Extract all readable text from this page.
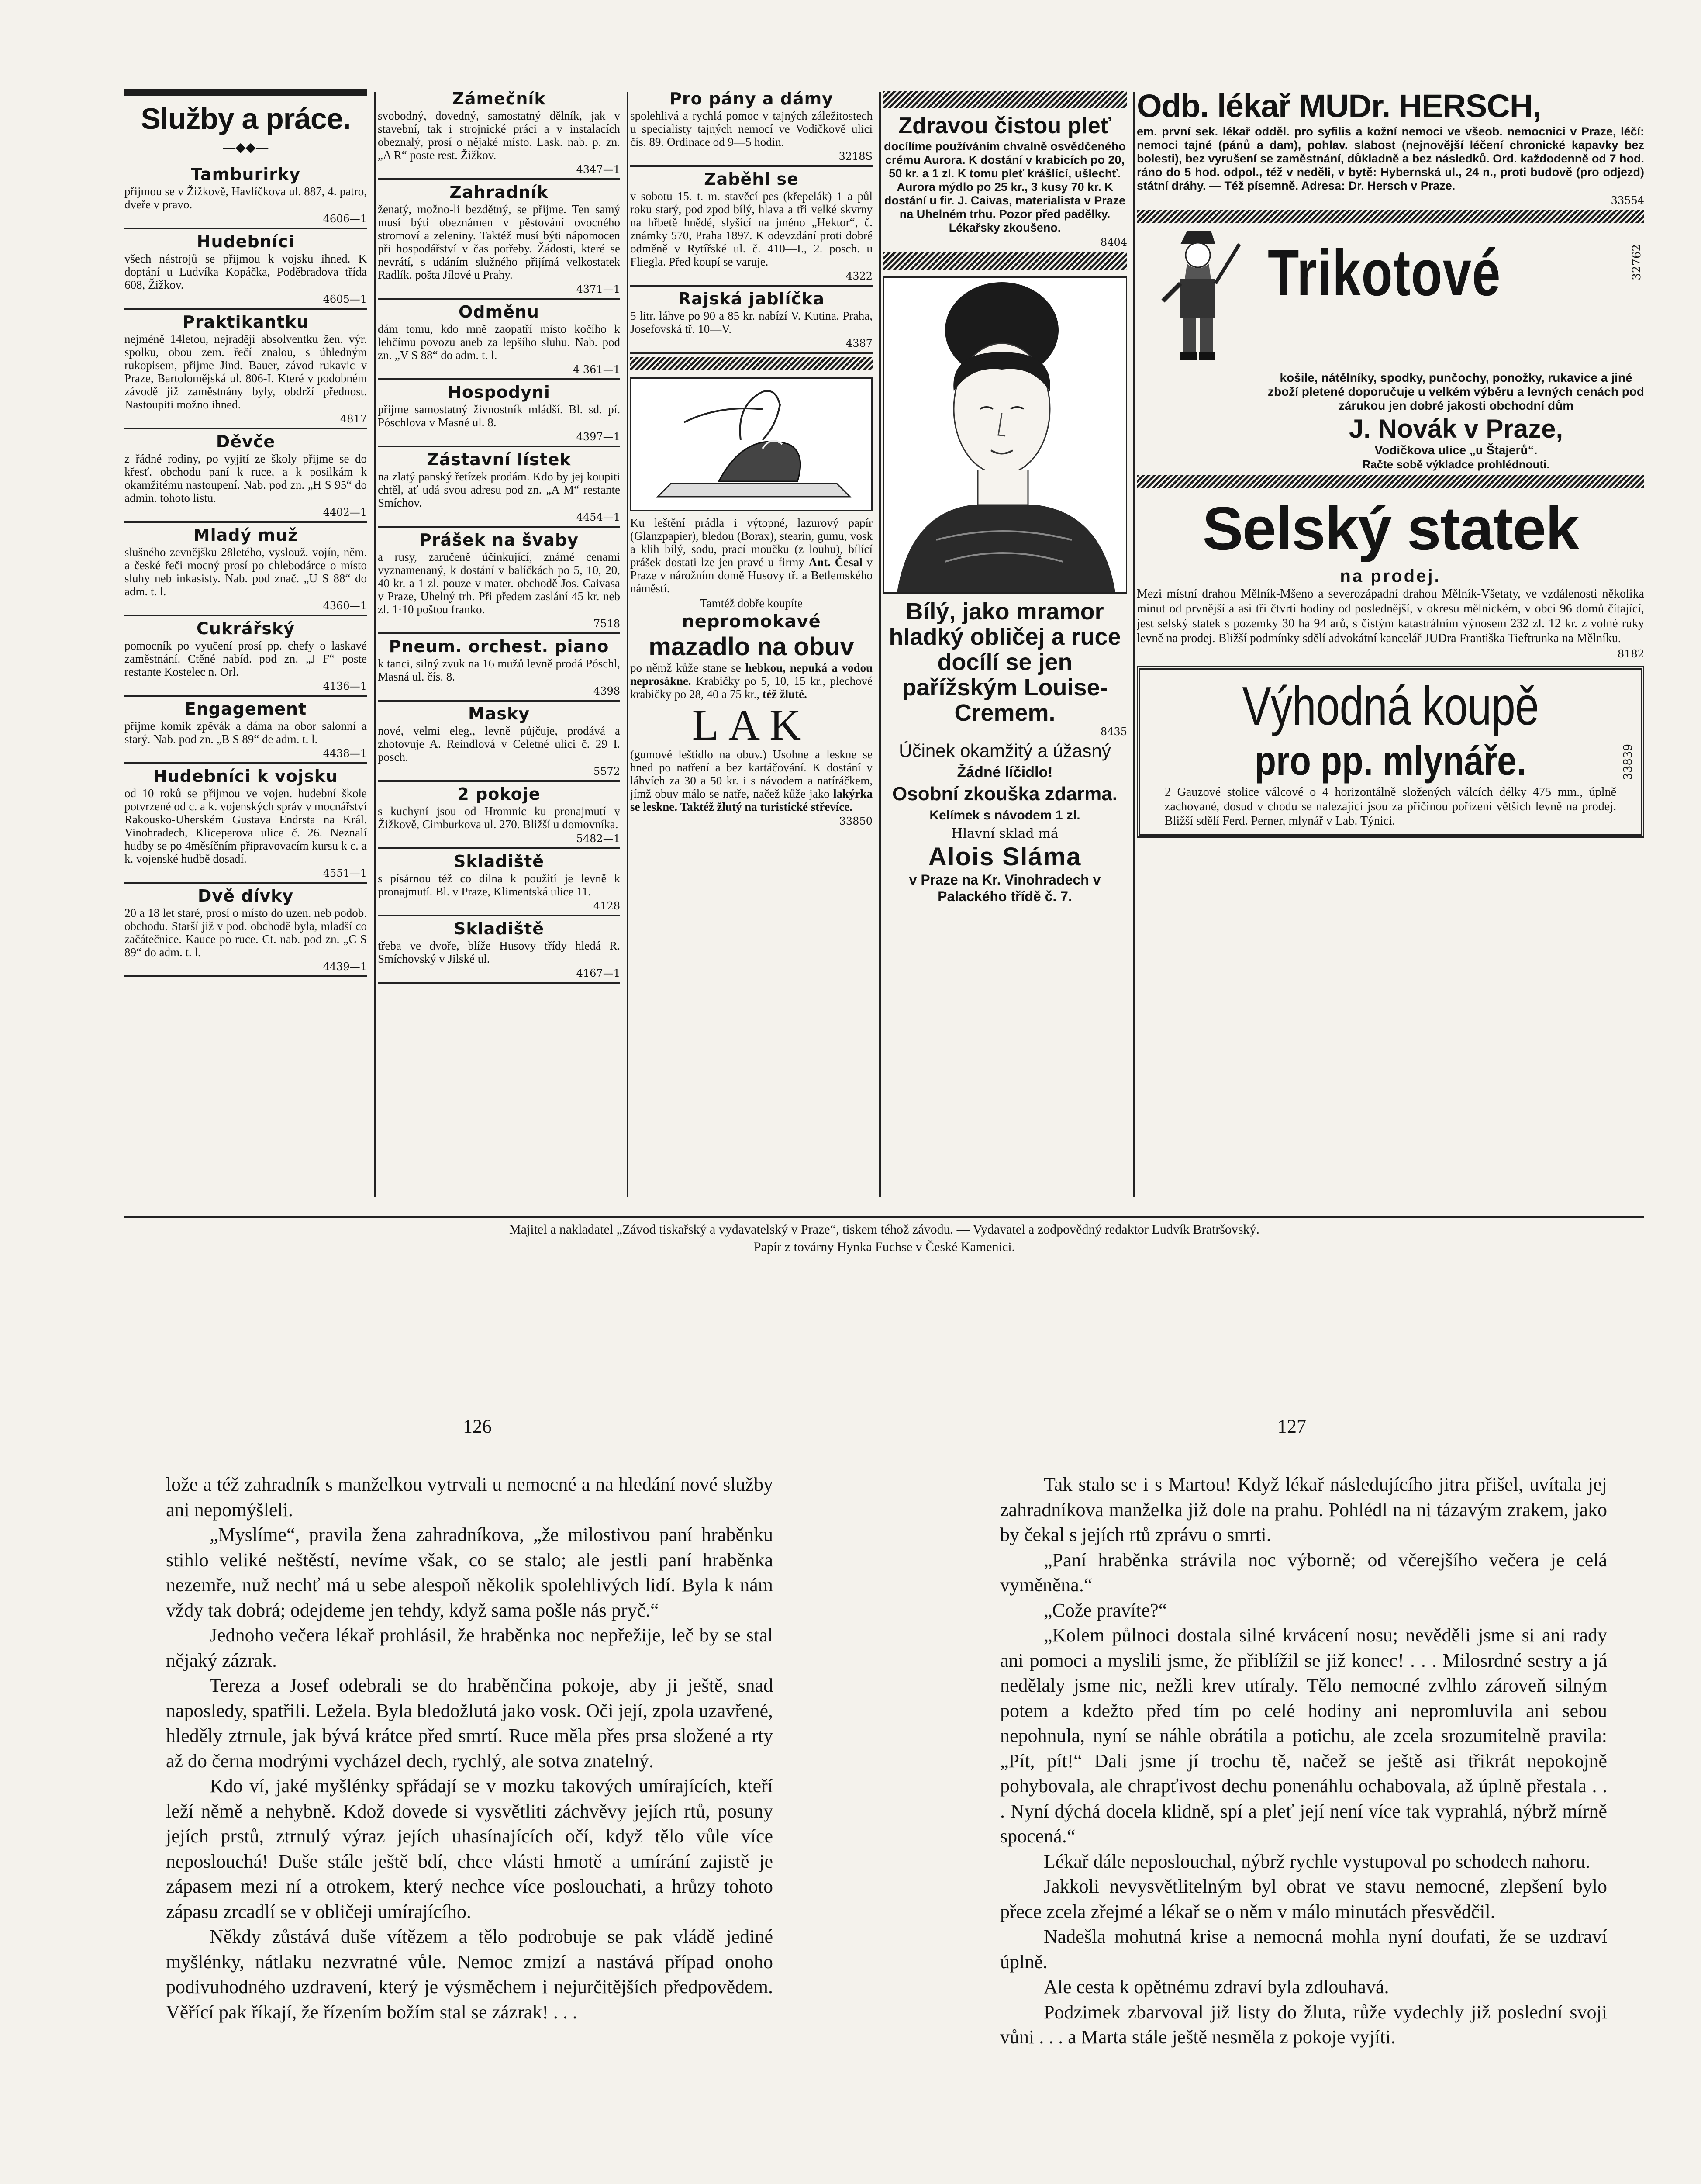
Služby a práce.
—◆◆—
Tamburirky
přijmou se v Žižkově, Havlíčkova ul. 887, 4. patro, dveře v pravo.
4606—1
Hudebníci
všech nástrojů se přijmou k vojsku ihned. K doptání u Ludvíka Kopáčka, Poděbradova třída 608, Žižkov.
4605—1
Praktikantku
nejméně 14letou, nejraději absolventku žen. výr. spolku, obou zem. řečí znalou, s úhledným rukopisem, přijme Jind. Bauer, závod rukavic v Praze, Bartolomějská ul. 806-I. Které v podobném závodě již zaměstnány byly, obdrží přednost. Nastoupiti možno ihned.
4817
Děvče
z řádné rodiny, po vyjití ze školy přijme se do křesť. obchodu paní k ruce, a k posilkám k okamžitému nastoupení. Nab. pod zn. „H S 95“ do admin. tohoto listu.
4402—1
Mladý muž
slušného zevnějšku 28letého, vyslouž. vojín, něm. a české řeči mocný prosí po chlebodárce o místo sluhy neb inkasisty. Nab. pod znač. „U S 88“ do adm. t. l.
4360—1
Cukrářský
pomocník po vyučení prosí pp. chefy o laskavé zaměstnání. Ctěné nabíd. pod zn. „J F“ poste restante Kostelec n. Orl.
4136—1
Engagement
přijme komik zpěvák a dáma na obor salonní a starý. Nab. pod zn. „B S 89“ de adm. t. l.
4438—1
Hudebníci k vojsku
od 10 roků se přijmou ve vojen. hudební škole potvrzené od c. a k. vojenských správ v mocnářství Rakousko-Uherském Gustava Endrsta na Král. Vinohradech, Kliceperova ulice č. 26. Neznalí hudby se po 4měsíčním připravovacím kursu k c. a k. vojenské hudbě dosadí.
4551—1
Dvě dívky
20 a 18 let staré, prosí o místo do uzen. neb podob. obchodu. Starší již v pod. obchodě byla, mladší co začátečnice. Kauce po ruce. Ct. nab. pod zn. „C S 89“ do adm. t. l.
4439—1
Zámečník
svobodný, dovedný, samostatný dělník, jak v stavební, tak i strojnické práci a v instalacích obeznalý, prosí o nějaké místo. Lask. nab. p. zn. „A R“ poste rest. Žižkov.
4347—1
Zahradník
ženatý, možno-li bezdětný, se přijme. Ten samý musí býti obeznámen v pěstování ovocného stromoví a zeleniny. Taktéž musí býti nápomocen při hospodářství v čas potřeby. Žádosti, které se nevrátí, s udáním služného přijímá velkostatek Radlík, pošta Jílové u Prahy.
4371—1
Odměnu
dám tomu, kdo mně zaopatří místo kočího k lehčímu povozu aneb za lepšího sluhu. Nab. pod zn. „V S 88“ do adm. t. l.
4 361—1
Hospodyni
přijme samostatný živnostník mládší. Bl. sd. pí. Póschlova v Masné ul. 8.
4397—1
Zástavní lístek
na zlatý panský řetízek prodám. Kdo by jej koupiti chtěl, ať udá svou adresu pod zn. „A M“ restante Smíchov.
4454—1
Prášek na švaby
a rusy, zaručeně účinkující, známé cenami vyznamenaný, k dostání v balíčkách po 5, 10, 20, 40 kr. a 1 zl. pouze v mater. obchodě Jos. Caivasa v Praze, Uhelný trh. Při předem zaslání 45 kr. neb zl. 1·10 poštou franko.
7518
Pneum. orchest. piano
k tanci, silný zvuk na 16 mužů levně prodá Póschl, Masná ul. čís. 8.
4398
Masky
nové, velmi eleg., levně půjčuje, prodává a zhotovuje A. Reindlová v Celetné ulici č. 29 I. posch.
5572
2 pokoje
s kuchyní jsou od Hromnic ku pronajmutí v Žižkově, Cimburkova ul. 270. Bližší u domovníka.
5482—1
Skladiště
s písárnou též co dílna k použití je levně k pronajmutí. Bl. v Praze, Klimentská ulice 11.
4128
Skladiště
třeba ve dvoře, blíže Husovy třídy hledá R. Smíchovský v Jilské ul.
4167—1
Pro pány a dámy
spolehlivá a rychlá pomoc v tajných záležitostech u specialisty tajných nemocí ve Vodičkově ulici čís. 89. Ordinace od 9—5 hodin.
3218S
Zaběhl se
v sobotu 15. t. m. stavěcí pes (křepelák) 1 a půl roku starý, pod zpod bílý, hlava a tři velké skvrny na hřbetě hnědé, slyšící na jméno „Hektor“, č. známky 570, Praha 1897. K odevzdání proti dobré odměně v Rytířské ul. č. 410—I., 2. posch. u Fliegla. Před koupí se varuje.
4322
Rajská jablíčka
5 litr. láhve po 90 a 85 kr. nabízí V. Kutina, Praha, Josefovská tř. 10—V.
4387
Ku leštění prádla i výtopné, lazurový papír (Glanzpapier), bledou (Borax), stearin, gumu, vosk a klih bílý, sodu, prací moučku (z louhu), bílící prášek dostati lze jen pravé u firmy Ant. Česal v Praze v nárožním domě Husovy tř. a Betlemského náměstí.
Tamtéž dobře koupíte
nepromokavé
mazadlo na obuv
po němž kůže stane se hebkou, nepuká a vodou neprosákne. Krabičky po 5, 10, 15 kr., plechové krabičky po 28, 40 a 75 kr., též žluté.
LAK
(gumové leštidlo na obuv.) Usohne a leskne se hned po natření a bez kartáčování. K dostání v láhvích za 30 a 50 kr. i s návodem a natíráčkem, jímž obuv málo se natře, načež kůže jako lakýrka se leskne. Taktéž žlutý na turistické střevíce.
33850
Zdravou čistou pleť
docílíme používáním chvalně osvědčeného crému Aurora. K dostání v krabicích po 20, 50 kr. a 1 zl. K tomu pleť krášlící, ušlechť. Aurora mýdlo po 25 kr., 3 kusy 70 kr. K dostání u fir. J. Caivas, materialista v Praze na Uhelném trhu. Pozor před padělky. Lékařsky zkoušeno.
8404
Bílý, jako mramor hladký obličej a ruce docílí se jen pařížským Louise-Cremem.
8435
Účinek okamžitý a úžasný
Žádné líčidlo!
Osobní zkouška zdarma.
Kelímek s návodem 1 zl.
Hlavní sklad má
Alois Sláma
v Praze na Kr. Vinohradech v Palackého třídě č. 7.
Odb. lékař MUDr. HERSCH,
em. první sek. lékař odděl. pro syfilis a kožní nemoci ve všeob. nemocnici v Praze, léčí: nemoci tajné (pánů a dam), pohlav. slabost (nejnovější léčení chronické kapavky bez bolesti), bez vyrušení se zaměstnání, důkladně a bez následků. Ord. každodenně od 7 hod. ráno do 5 hod. odpol., též v neděli, v bytě: Hybernská ul., 24 n., proti budově (pro odjezd) státní dráhy. — Též písemně. Adresa: Dr. Hersch v Praze.
33554
Trikotové	32762
košile, nátělníky, spodky, punčochy, ponožky, rukavice a jiné zboží pletené doporučuje u velkém výběru a levných cenách pod zárukou jen dobré jakosti obchodní dům
J. Novák v Praze,
Vodičkova ulice „u Štajerů“.
Račte sobě výkladce prohlédnouti.
Selský statek
na prodej.
Mezi místní drahou Mělník-Mšeno a severozápadní drahou Mělník-Všetaty, ve vzdálenosti několika minut od prvnější a asi tři čtvrti hodiny od poslednější, v okresu mělnickém, v obci 96 domů čítající, jest selský statek s pozemky 30 ha 94 arů, s čistým katastrálním výnosem 232 zl. 12 kr. z volné ruky levně na prodej. Bližší podmínky sdělí advokátní kancelář JUDra Františka Tieftrunka na Mělníku.
8182
Výhodná koupě
pro pp. mlynáře.	33839
2 Gauzové stolice válcové o 4 horizontálně složených válcích délky 475 mm., úplně zachované, dosud v chodu se nalezající jsou za příčinou pořízení větších levně na prodej. Bližší sdělí Ferd. Perner, mlynář v Lab. Týnici.
Majitel a nakladatel „Závod tiskařský a vydavatelský v Praze“, tiskem téhož závodu. — Vydavatel a zodpovědný redaktor Ludvík Bratršovský.
Papír z továrny Hynka Fuchse v České Kamenici.
126	127

lože a též zahradník s manželkou vytrvali u nemocné a na hledání nové služby ani nepomýšleli.

„Myslíme“, pravila žena zahradníkova, „že milostivou paní hraběnku stihlo veliké neštěstí, nevíme však, co se stalo; ale jestli paní hraběnka nezemře, nuž nechť má u sebe alespoň několik spolehlivých lidí. Byla k nám vždy tak dobrá; odejdeme jen tehdy, když sama pošle nás pryč.“

Jednoho večera lékař prohlásil, že hraběnka noc nepřežije, leč by se stal nějaký zázrak.

Tereza a Josef odebrali se do hraběnčina pokoje, aby ji ještě, snad naposledy, spatřili. Ležela. Byla bledožlutá jako vosk. Oči její, zpola uzavřené, hleděly ztrnule, jak bývá krátce před smrtí. Ruce měla přes prsa složené a rty až do černa modrými vycházel dech, rychlý, ale sotva znatelný.

Kdo ví, jaké myšlénky spřádají se v mozku takových umírajících, kteří leží němě a nehybně. Kdož dovede si vysvětliti záchvěvy jejích rtů, posuny jejích prstů, ztrnulý výraz jejích uhasínajících očí, když tělo vůle více neposlouchá! Duše stále ještě bdí, chce vlásti hmotě a umírání zajistě je zápasem mezi ní a otrokem, který nechce více poslouchati, a hrůzy tohoto zápasu zrcadlí se v obličeji umírajícího.

Někdy zůstává duše vítězem a tělo podrobuje se pak vládě jediné myšlénky, nátlaku nezvratné vůle. Nemoc zmizí a nastává případ onoho podivuhodného uzdravení, který je výsměchem i nejurčitějších předpovědem. Věřící pak říkají, že řízením božím stal se zázrak! . . .

Tak stalo se i s Martou! Když lékař následujícího jitra přišel, uvítala jej zahradníkova manželka již dole na prahu. Pohlédl na ni tázavým zrakem, jako by čekal s jejích rtů zprávu o smrti.

„Paní hraběnka strávila noc výborně; od včerejšího večera je celá vyměněna.“

„Cože pravíte?“

„Kolem půlnoci dostala silné krvácení nosu; nevěděli jsme si ani rady ani pomoci a myslili jsme, že přiblížil se již konec! . . . Milosrdné sestry a já nedělaly jsme nic, nežli krev utíraly. Tělo nemocné zvlhlo zároveň silným potem a kdežto před tím po celé hodiny ani nepromluvila ani sebou nepohnula, nyní se náhle obrátila a potichu, ale zcela srozumitelně pravila: „Pít, pít!“ Dali jsme jí trochu tě, načež se ještě asi třikrát nepokojně pohybovala, ale chrapťivost dechu ponenáhlu ochabovala, až úplně přestala . . . Nyní dýchá docela klidně, spí a pleť její není více tak vyprahlá, nýbrž mírně spocená.“

Lékař dále neposlouchal, nýbrž rychle vystupoval po schodech nahoru.

Jakkoli nevysvětlitelným byl obrat ve stavu nemocné, zlepšení bylo přece zcela zřejmé a lékař se o něm v málo minutách přesvědčil.

Nadešla mohutná krise a nemocná mohla nyní doufati, že se uzdraví úplně.

Ale cesta k opětnému zdraví byla zdlouhavá.

Podzimek zbarvoval již listy do žluta, růže vydechly již poslední svoji vůni . . . a Marta stále ještě nesměla z pokoje vyjíti.
